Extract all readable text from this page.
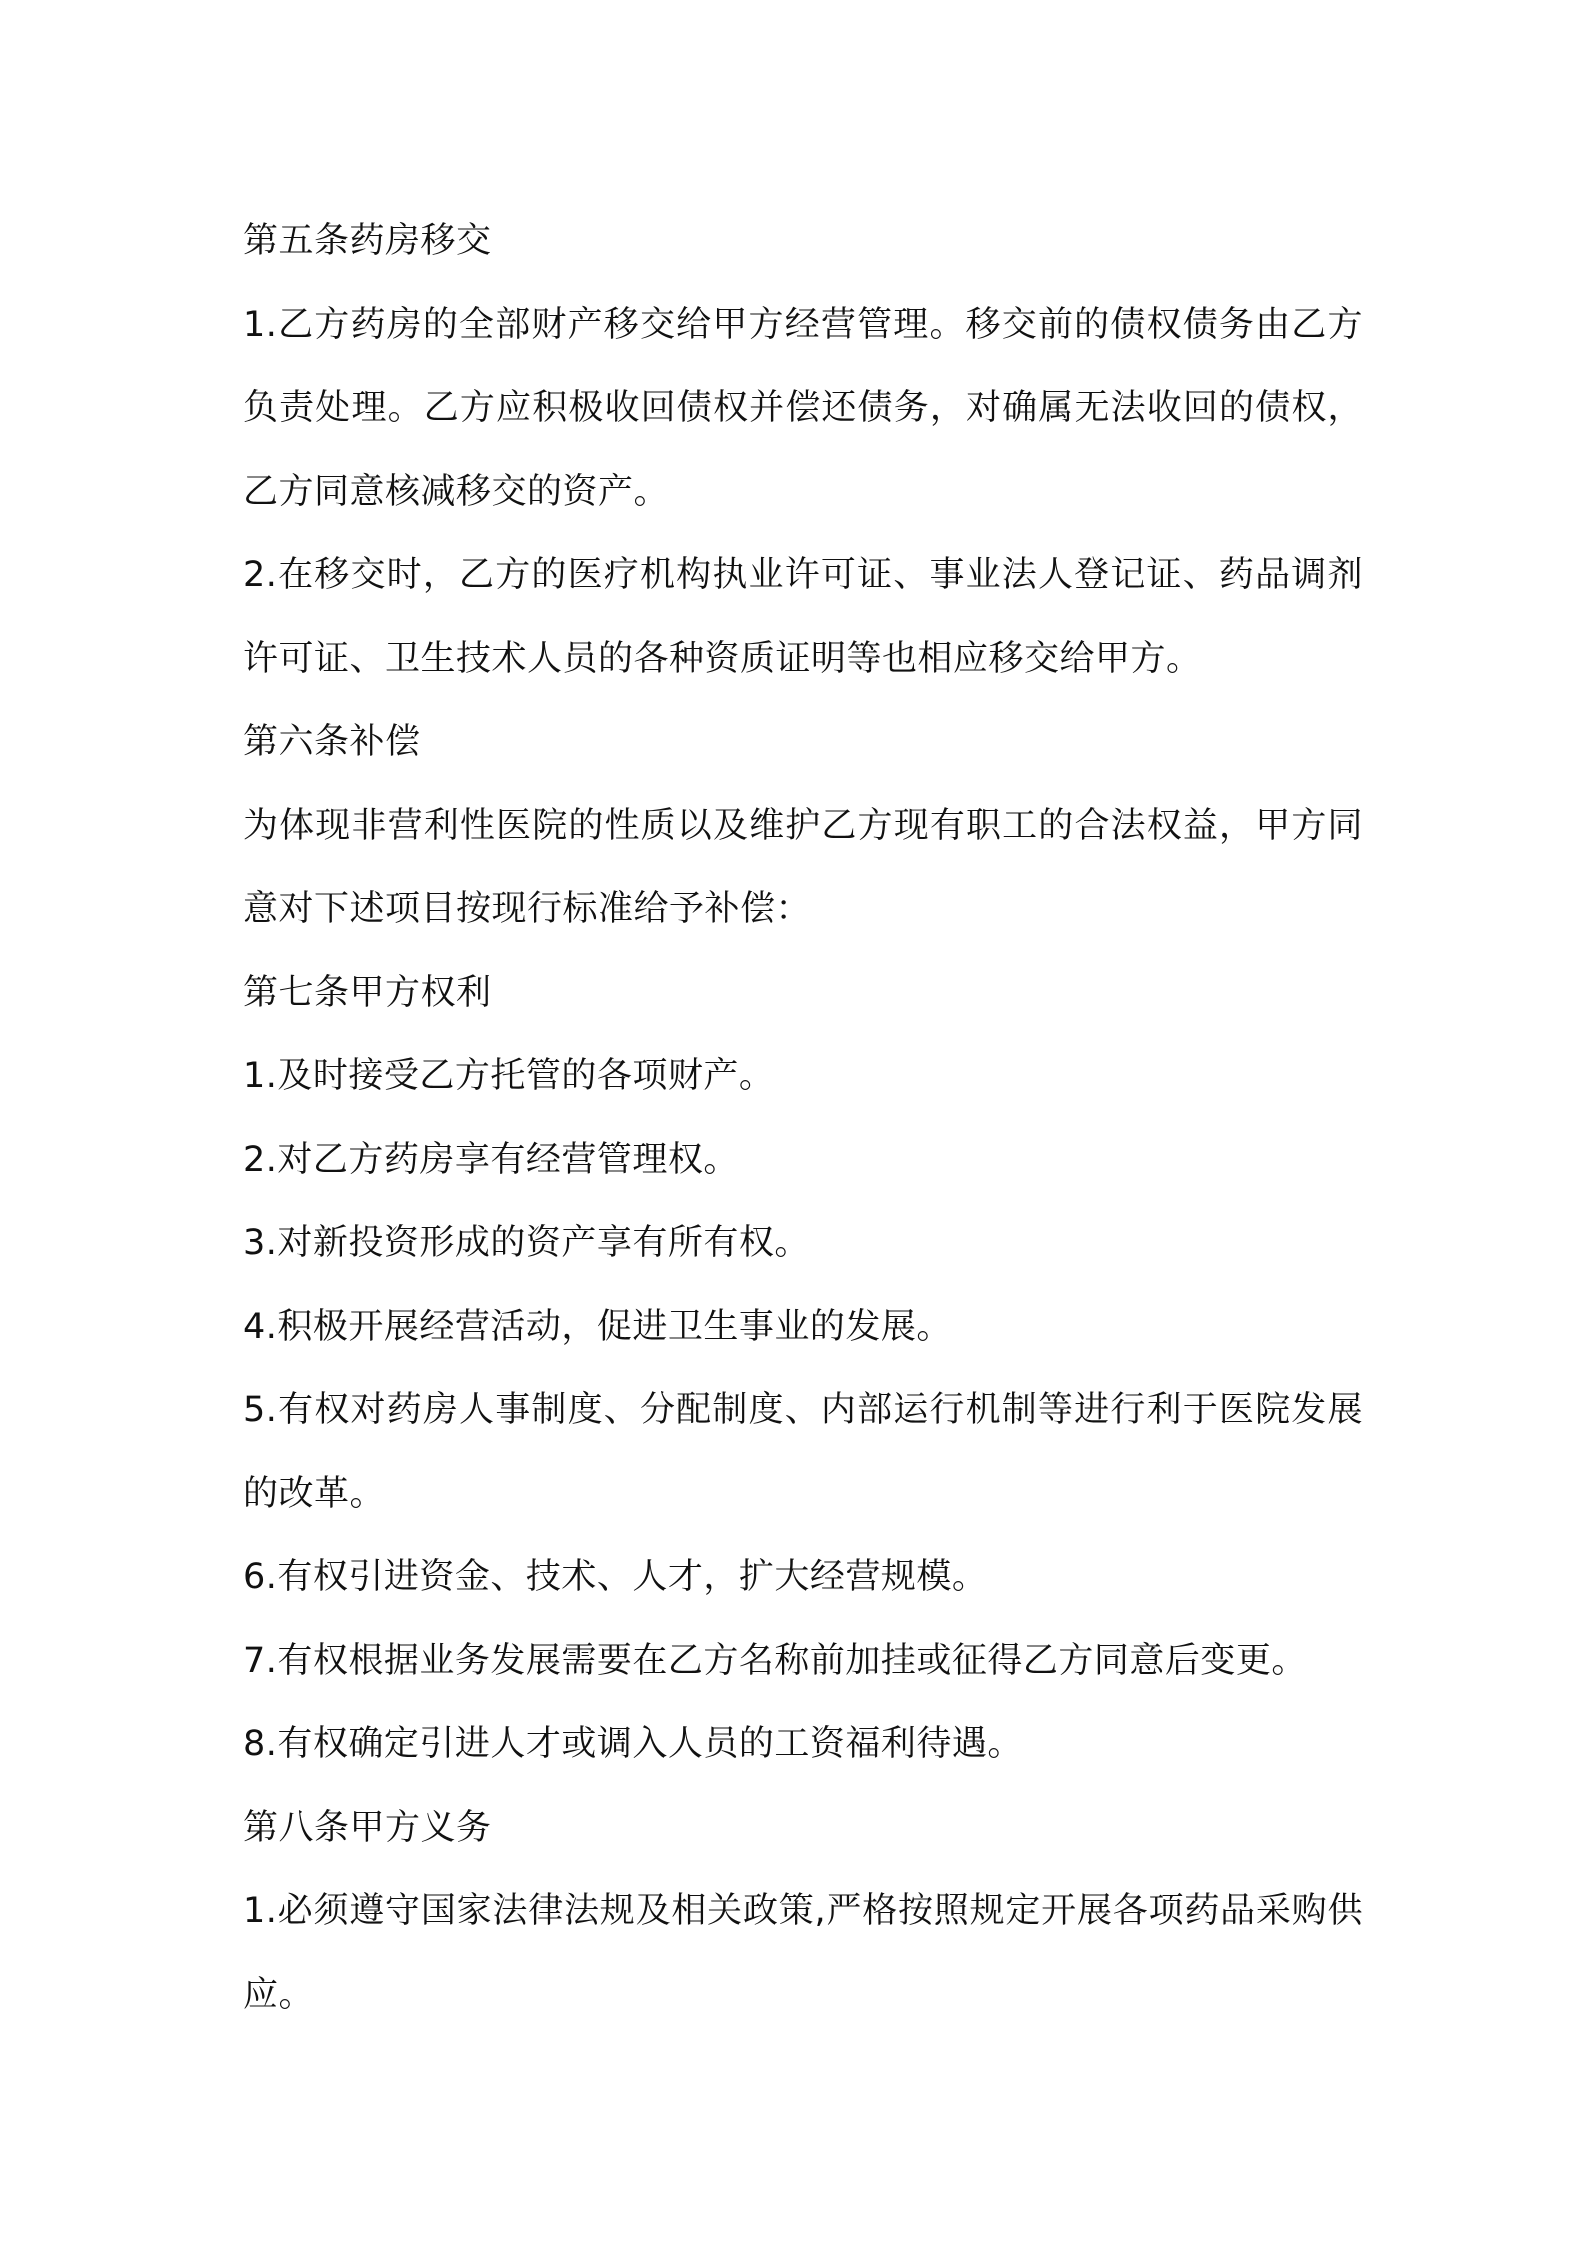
第五条药房移交

1.乙方药房的全部财产移交给甲方经营管理。移交前的债权债务由乙方负责处理。乙方应积极收回债权并偿还债务，对确属无法收回的债权，乙方同意核减移交的资产。

2.在移交时，乙方的医疗机构执业许可证、事业法人登记证、药品调剂许可证、卫生技术人员的各种资质证明等也相应移交给甲方。

第六条补偿

为体现非营利性医院的性质以及维护乙方现有职工的合法权益，甲方同意对下述项目按现行标准给予补偿：

第七条甲方权利

1.及时接受乙方托管的各项财产。

2.对乙方药房享有经营管理权。

3.对新投资形成的资产享有所有权。

4.积极开展经营活动，促进卫生事业的发展。

5.有权对药房人事制度、分配制度、内部运行机制等进行利于医院发展的改革。

6.有权引进资金、技术、人才，扩大经营规模。

7.有权根据业务发展需要在乙方名称前加挂或征得乙方同意后变更。

8.有权确定引进人才或调入人员的工资福利待遇。

第八条甲方义务

1.必须遵守国家法律法规及相关政策,严格按照规定开展各项药品采购供应。
